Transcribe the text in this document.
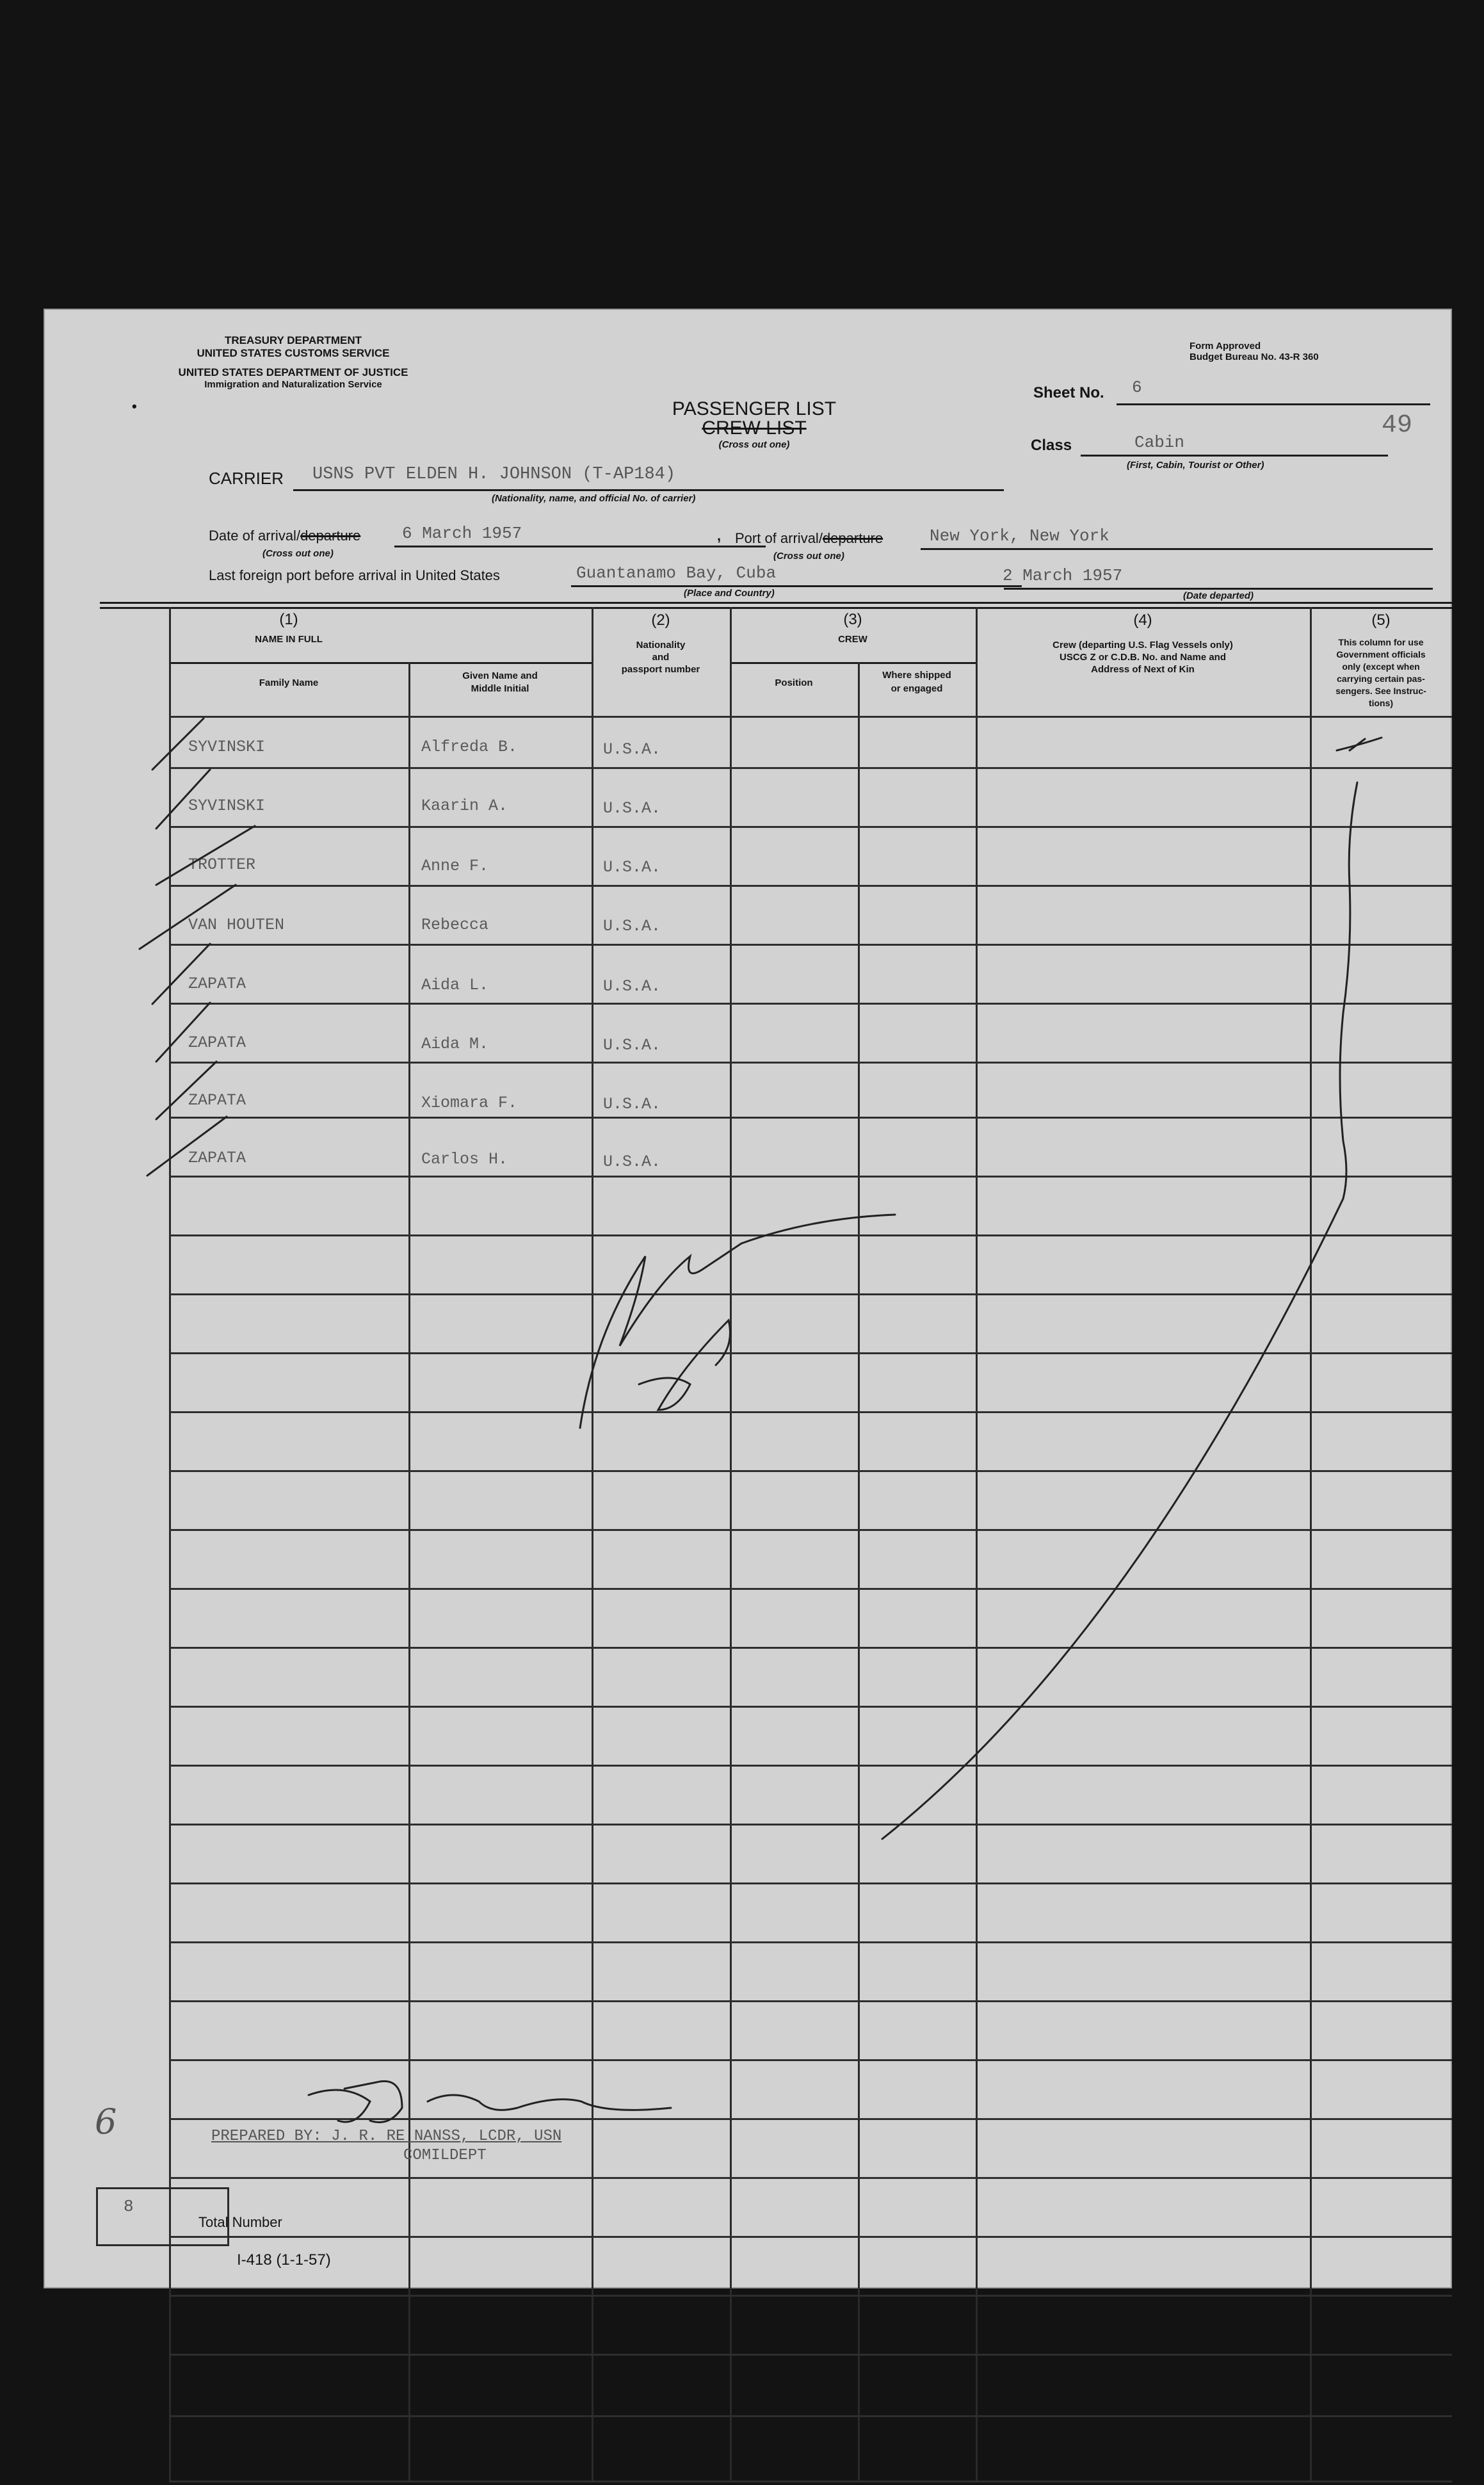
TREASURY DEPARTMENT
UNITED STATES CUSTOMS SERVICE
UNITED STATES DEPARTMENT OF JUSTICE
Immigration and Naturalization Service
•
Form Approved
Budget Bureau No. 43-R 360
PASSENGER LIST
CREW LIST
(Cross out one)
Sheet No. 6
49
Class	Cabin
(First, Cabin, Tourist or Other)
CARRIER USNS PVT ELDEN H. JOHNSON (T-AP184)
(Nationality, name, and official No. of carrier)
Date of arrival/departure 6 March 1957
(Cross out one)
, Port of arrival/departure	New York, New York
(Cross out one)
Last foreign port before arrival in United States	Guantanamo Bay, Cuba
(Place and Country)
2 March 1957
(Date departed)
(1)
NAME IN FULL
Family Name
Given Name and
Middle Initial
(2)
Nationality
and
passport number
(3)
CREW
Position
Where shipped
or engaged
(4)
Crew (departing U.S. Flag Vessels only)
USCG Z or C.D.B. No. and Name and
Address of Next of Kin
(5)
This column for use
Government officials
only (except when
carrying certain pas-
sengers. See Instruc-
tions)
SYVINSKI	Alfreda B.	U.S.A.
SYVINSKI	Kaarin A.	U.S.A.
TROTTER	Anne F.	U.S.A.
VAN HOUTEN	Rebecca	U.S.A.
ZAPATA	Aida L.	U.S.A.
ZAPATA	Aida M.	U.S.A.
ZAPATA	Xiomara F.	U.S.A.
ZAPATA	Carlos H.	U.S.A.
PREPARED BY: J. R. RE NANSS, LCDR, USN
COMILDEPT
6
8
Total Number
I-418 (1-1-57)
